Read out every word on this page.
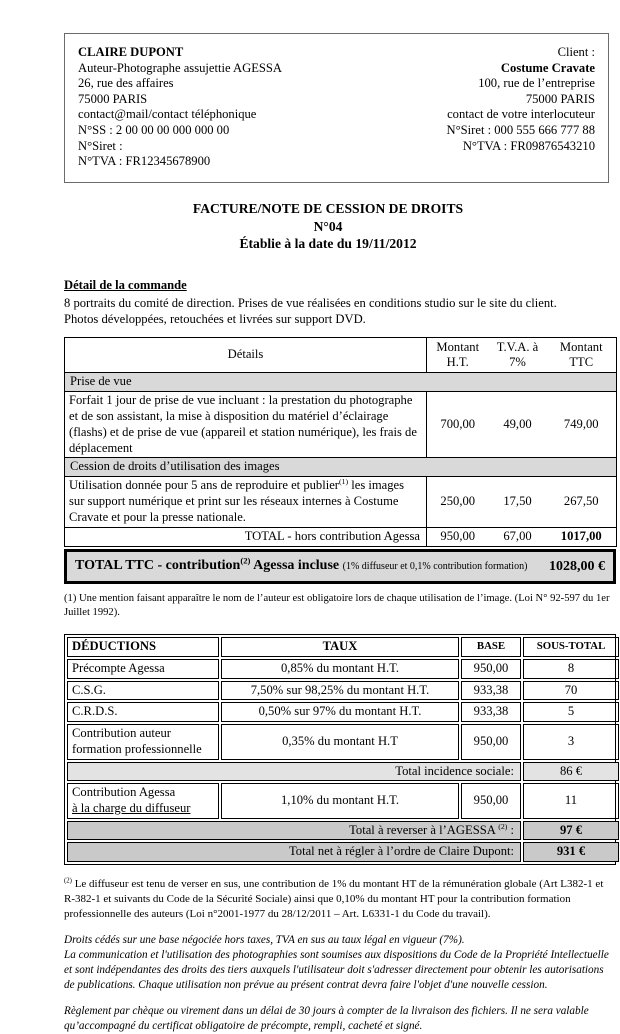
CLAIRE DUPONT
Auteur-Photographe assujettie AGESSA
26, rue des affaires
75000 PARIS
contact@mail/contact téléphonique
N°SS : 2 00 00 00 000 000 00
N°Siret :
N°TVA : FR12345678900
Client :
Costume Cravate
100, rue de l’entreprise
75000 PARIS
contact de votre interlocuteur
N°Siret : 000 555 666 777 88
N°TVA : FR09876543210
FACTURE/NOTE DE CESSION DE DROITS
N°04
Établie à la date du 19/11/2012
Détail de la commande
8 portraits du comité de direction. Prises de vue réalisées en conditions studio sur le site du client.
Photos développées, retouchées et livrées sur support DVD.
Détails	Montant H.T.	T.V.A. à 7%	Montant TTC
Prise de vue			
Forfait 1 jour de prise de vue incluant : la prestation du photographe et de son assistant, la mise à disposition du matériel d’éclairage (flashs) et de prise de vue (appareil et station numérique), les frais de déplacement	700,00	49,00	749,00
Cession de droits d’utilisation des images			
Utilisation donnée pour 5 ans de reproduire et publier$^{(1)}$ les images sur support numérique et print sur les réseaux internes à Costume Cravate et pour la presse nationale.	250,00	17,50	267,50
TOTAL - hors contribution Agessa	950,00	67,00	1017,00
TOTAL TTC - contribution$^{(2)}$ Agessa incluse (1% diffuseur et 0,1% contribution formation)	1028,00 €

(1) Une mention faisant apparaître le nom de l’auteur est obligatoire lors de chaque utilisation de l’image. (Loi N° 92-597 du 1er Juillet 1992).

DÉDUCTIONS	TAUX	BASE	SOUS-TOTAL
Précompte Agessa	0,85% du montant H.T.	950,00	8
C.S.G.	7,50% sur 98,25% du montant H.T.	933,38	70
C.R.D.S.	0,50% sur 97% du montant H.T.	933,38	5
Contribution auteur formation professionnelle	0,35% du montant H.T	950,00	3
Total incidence sociale:			86 €

Contribution Agessa
à la charge du diffuseur	1,10% du montant H.T.	950,00	11
Total à reverser à l’AGESSA $^{(2)}$ :			97 €
Total net à régler à l’ordre de Claire Dupont:			931 €

$^{(2)}$ Le diffuseur est tenu de verser en sus, une contribution de 1% du montant HT de la rémunération globale (Art L382-1 et R-382-1 et suivants du Code de la Sécurité Sociale) ainsi que 0,10% du montant HT pour la contribution formation professionnelle des auteurs (Loi n°2001-1977 du 28/12/2011 – Art. L6331-1 du Code du travail).

Droits cédés sur une base négociée hors taxes, TVA en sus au taux légal en vigueur (7%).

La communication et l'utilisation des photographies sont soumises aux dispositions du Code de la Propriété Intellectuelle et sont indépendantes des droits des tiers auxquels l'utilisateur doit s'adresser directement pour obtenir les autorisations de publications. Chaque utilisation non prévue au présent contrat devra faire l'objet d'une nouvelle cession.

Règlement par chèque ou virement dans un délai de 30 jours à compter de la livraison des fichiers. Il ne sera valable qu’accompagné du certificat obligatoire de précompte, rempli, cacheté et signé.
